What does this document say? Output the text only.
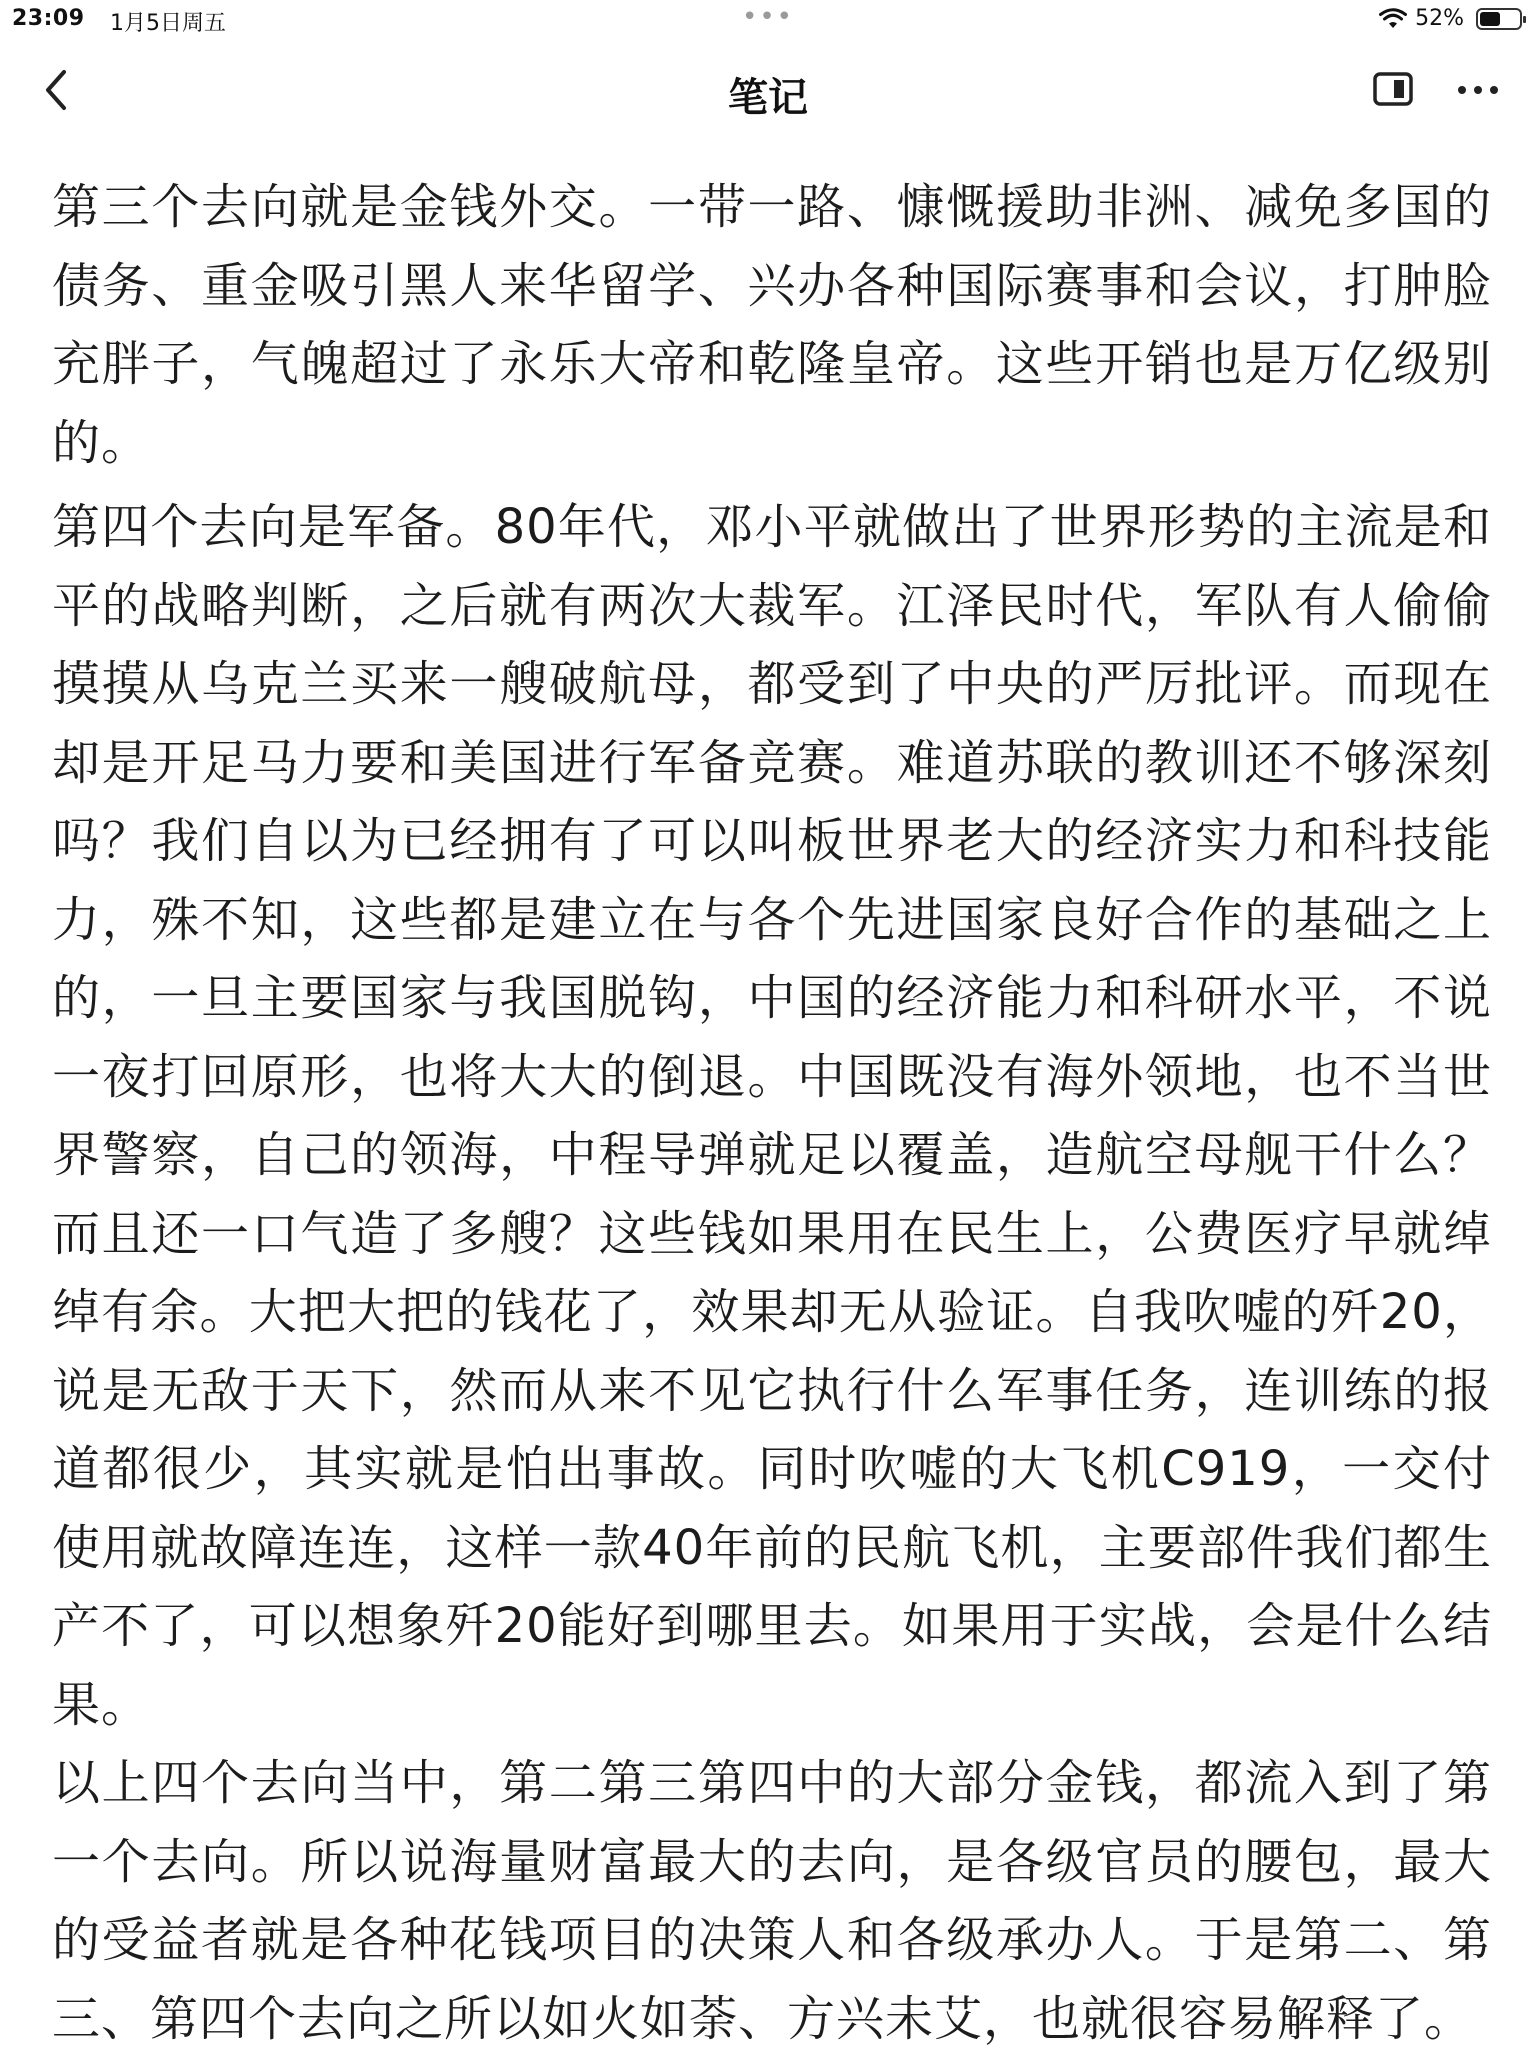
23:09 1月5日周五	•••	52%
笔记

第三个去向就是金钱外交。一带一路、慷慨援助非洲、减免多国的债务、重金吸引黑人来华留学、兴办各种国际赛事和会议，打肿脸充胖子，气魄超过了永乐大帝和乾隆皇帝。这些开销也是万亿级别的。

第四个去向是军备。80年代，邓小平就做出了世界形势的主流是和平的战略判断，之后就有两次大裁军。江泽民时代，军队有人偷偷摸摸从乌克兰买来一艘破航母，都受到了中央的严厉批评。而现在却是开足马力要和美国进行军备竞赛。难道苏联的教训还不够深刻吗？我们自以为已经拥有了可以叫板世界老大的经济实力和科技能力，殊不知，这些都是建立在与各个先进国家良好合作的基础之上的，一旦主要国家与我国脱钩，中国的经济能力和科研水平，不说一夜打回原形，也将大大的倒退。中国既没有海外领地，也不当世界警察，自己的领海，中程导弹就足以覆盖，造航空母舰干什么？而且还一口气造了多艘？这些钱如果用在民生上，公费医疗早就绰绰有余。大把大把的钱花了，效果却无从验证。自我吹嘘的歼20，说是无敌于天下，然而从来不见它执行什么军事任务，连训练的报道都很少，其实就是怕出事故。同时吹嘘的大飞机C919，一交付使用就故障连连，这样一款40年前的民航飞机，主要部件我们都生产不了，可以想象歼20能好到哪里去。如果用于实战，会是什么结果。

以上四个去向当中，第二第三第四中的大部分金钱，都流入到了第一个去向。所以说海量财富最大的去向，是各级官员的腰包，最大的受益者就是各种花钱项目的决策人和各级承办人。于是第二、第三、第四个去向之所以如火如荼、方兴未艾，也就很容易解释了。
